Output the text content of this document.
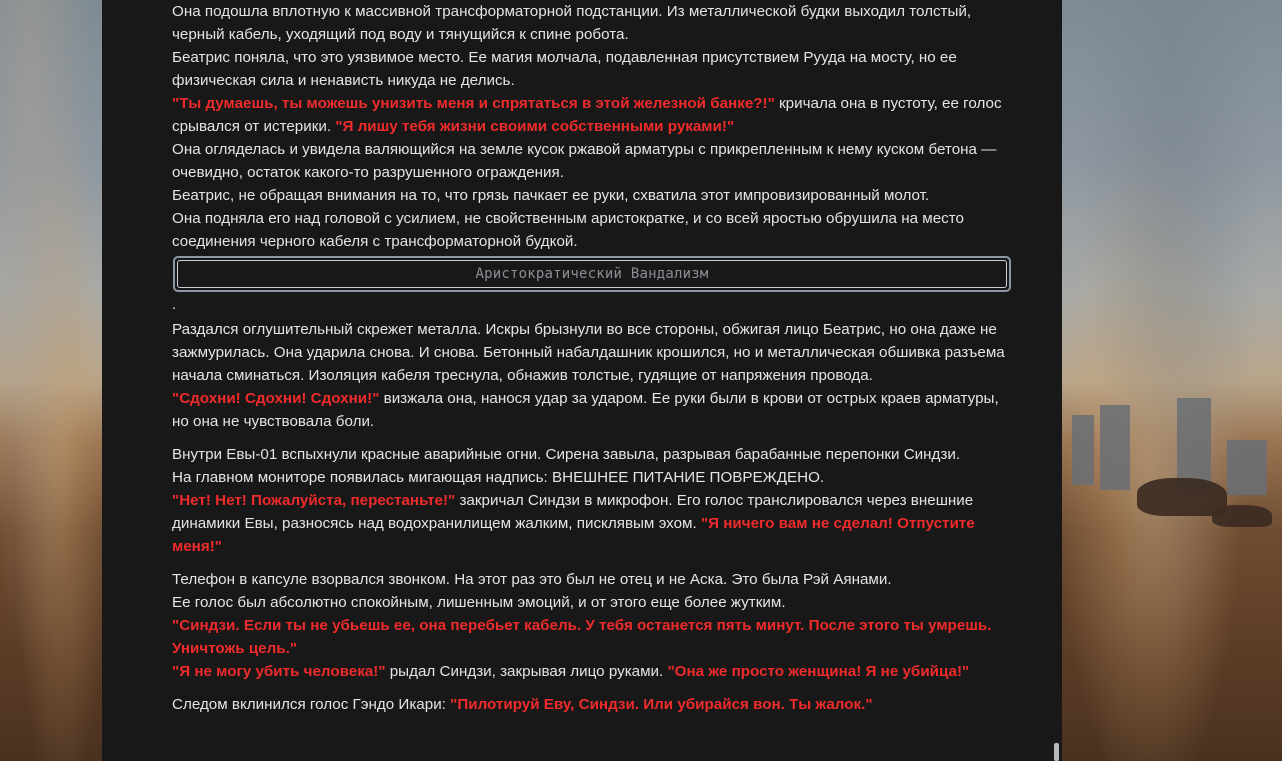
Она подошла вплотную к массивной трансформаторной подстанции. Из металлической будки выходил толстый, черный кабель, уходящий под воду и тянущийся к спине робота.

Беатрис поняла, что это уязвимое место. Ее магия молчала, подавленная присутствием Рууда на мосту, но ее физическая сила и ненависть никуда не делись.

"Ты думаешь, ты можешь унизить меня и спрятаться в этой железной банке?!" кричала она в пустоту, ее голос срывался от истерики. "Я лишу тебя жизни своими собственными руками!"

Она огляделась и увидела валяющийся на земле кусок ржавой арматуры с прикрепленным к нему куском бетона — очевидно, остаток какого-то разрушенного ограждения.

Беатрис, не обращая внимания на то, что грязь пачкает ее руки, схватила этот импровизированный молот.

Она подняла его над головой с усилием, не свойственным аристократке, и со всей яростью обрушила на место соединения черного кабеля с трансформаторной будкой.

Аристократический Вандализм
.

Раздался оглушительный скрежет металла. Искры брызнули во все стороны, обжигая лицо Беатрис, но она даже не зажмурилась. Она ударила снова. И снова. Бетонный набалдашник крошился, но и металлическая обшивка разъема начала сминаться. Изоляция кабеля треснула, обнажив толстые, гудящие от напряжения провода.

"Сдохни! Сдохни! Сдохни!" визжала она, нанося удар за ударом. Ее руки были в крови от острых краев арматуры, но она не чувствовала боли.

Внутри Евы-01 вспыхнули красные аварийные огни. Сирена завыла, разрывая барабанные перепонки Синдзи.

На главном мониторе появилась мигающая надпись: ВНЕШНЕЕ ПИТАНИЕ ПОВРЕЖДЕНО.

"Нет! Нет! Пожалуйста, перестаньте!" закричал Синдзи в микрофон. Его голос транслировался через внешние динамики Евы, разносясь над водохранилищем жалким, писклявым эхом. "Я ничего вам не сделал! Отпустите меня!"

Телефон в капсуле взорвался звонком. На этот раз это был не отец и не Аска. Это была Рэй Аянами.

Ее голос был абсолютно спокойным, лишенным эмоций, и от этого еще более жутким.

"Синдзи. Если ты не убьешь ее, она перебьет кабель. У тебя останется пять минут. После этого ты умрешь. Уничтожь цель."

"Я не могу убить человека!" рыдал Синдзи, закрывая лицо руками. "Она же просто женщина! Я не убийца!"

Следом вклинился голос Гэндо Икари: "Пилотируй Еву, Синдзи. Или убирайся вон. Ты жалок."
